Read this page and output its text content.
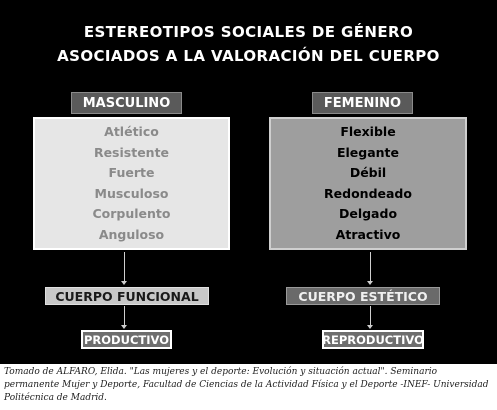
ESTEREOTIPOS SOCIALES DE GÉNERO
ASOCIADOS A LA VALORACIÓN DEL CUERPO
MASCULINO
Atlético
Resistente
Fuerte
Musculoso
Corpulento
Anguloso
CUERPO FUNCIONAL
PRODUCTIVO
FEMENINO
Flexible
Elegante
Débil
Redondeado
Delgado
Atractivo
CUERPO ESTÉTICO
REPRODUCTIVO
Tomado de ALFARO, Elida. "Las mujeres y el deporte: Evolución y situación actual". Seminario permanente Mujer y Deporte, Facultad de Ciencias de la Actividad Física y el Deporte -INEF- Universidad Politécnica de Madrid.
